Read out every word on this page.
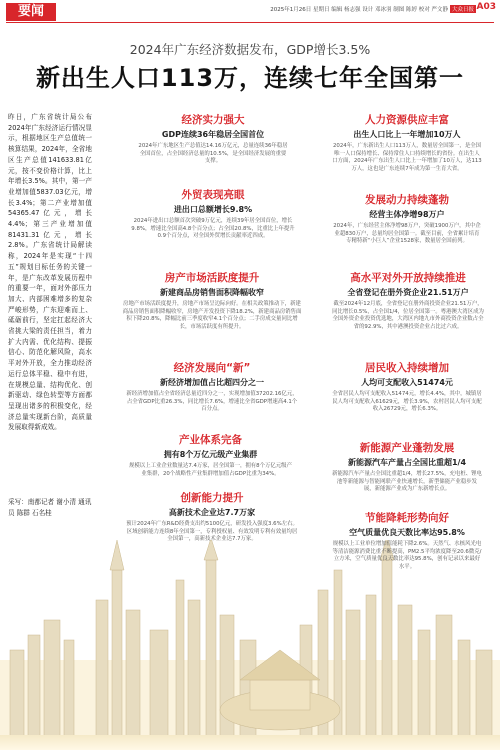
要闻	2025年1月26日 星期日 编辑 杨志强 设计 邓冰羽 制图 陈婷 校对 严文静 大众日报 A03
2024年广东经济数据发布，GDP增长3.5%
新出生人口113万，连续七年全国第一
昨日，广东省统计局公布2024年广东经济运行情况显示，根据地区生产总值统一核算结果，2024年，全省地区生产总值141633.81亿元，按不变价格计算，比上年增长3.5%。其中，第一产业增加值5837.03亿元，增长3.4%；第二产业增加值54365.47亿元，增长4.4%；第三产业增加值81431.31亿元，增长2.8%。广东省统计局解读称，2024年是实现“十四五”规划目标任务的关键一年，是广东改革发展历程中的重要一年，面对外部压力加大、内部困难增多的复杂严峻形势，广东迎难而上、砥砺前行，坚定扛起经济大省挑大梁的责任担当，着力扩大内需、优化结构、提振信心、防范化解风险，高水平对外开放，全力推动经济运行总体平稳、稳中有进，在规模总量、结构优化、创新驱动、绿色转型等方面都呈现出诸多的积极变化，经济总量实现新台阶，高质量发展取得新成效。
采写：南都记者 谢小清 通讯员 陈群 石名桂
经济实力强大
GDP连续36年稳居全国首位
2024年广东地区生产总值达14.16万亿元，总量连续36年稳居全国首位，占全国经济总量的10.5%，是全国经济发展的重要支撑。
外贸表现亮眼
进出口总额增长9.8%
2024年进出口总额首次突破9万亿元，连续39年居全国首位，增长9.8%，增速比全国高4.8个百分点；占全国20.8%，比重比上年提升0.9个百分点，对全国外贸增长贡献率近四成。
房产市场活跃度提升
新建商品房销售面积降幅收窄
房地产市场活跃度提升，房地产市场呈边际向好。在相关政策推动下，新建商品房销售面积降幅收窄，房地产开发投资下降18.2%，新建商品房销售面积下降20.8%，降幅比前三季度收窄4.1个百分点；二手房成交量同比增长，市场活跃度有所提升。
经济发展向“新”
新经济增加值占比超四分之一
新经济增加值占全省经济总量近四分之一，实现增加值37202.16亿元，占全省GDP比重26.3%，同比增长7.6%，增速比全省GDP增速高4.1个百分点。
产业体系完备
拥有8个万亿元级产业集群
规模以上工业企业数量达7.4万家，居全国第一，拥有8个万亿元级产业集群，20个战略性产业集群增加值占GDP比重为34%。
创新能力提升
高新技术企业达7.7万家
预计2024年广东R&D经费支出约5100亿元，研发投入强度3.6%左右。区域创新能力连续8年全国第一，专利授权量、有效发明专利有效量均居全国第一，高新技术企业达7.7万家。
人力资源供应丰富
出生人口比上一年增加10万人
2024年，广东新出生人口113万人，数量居全国第一，是全国唯一人口保持增长、保持常住人口持续增长的省份。在出生人口方面，2024年广东出生人口比上一年增加了10万人，达113万人，这也是广东连续7年成为第一生育大省。
发展动力持续蓬勃
经营主体净增98万户
2024年，广东经营主体净增98万户，突破1900万户，其中企业超830万户，总量均居全国第一。截至目前，全省累计培育专精特新“小巨人”企业1528家，数量居全国前列。
高水平对外开放持续推进
全省登记在册外资企业21.51万户
截至2024年12月底，全省登记在册外商投资企业21.51万户，同比增长0.5%，占全国1/4，位居全国第一。粤港澳大湾区成为全国外资企业投资优选地，大湾区内地九市外商投资企业数占全省的92.9%，其中港澳投资企业占比过六成。
居民收入持续增加
人均可支配收入51474元
全省居民人均可支配收入51474元，增长4.4%，其中，城镇居民人均可支配收入61629元，增长3.9%，农村居民人均可支配收入26729元，增长6.3%。
新能源产业蓬勃发展
新能源汽车产量占全国比重超1/4
新能源汽车产量占全国比重超1/4，增长27.5%，充电桩、锂电池等新能源与智能网联产业快速增长，新型储能产业稳步发展，新能源产业成为广东新增长点。
节能降耗形势向好
空气质量优良天数比率达95.8%
规模以上工业单位增加值能耗下降2.6%。天然气、水核风光电等清洁能源消费比重不断提高，PM2.5平均浓度降至20.6微克/立方米，空气质量优良天数比率达95.8%，创有记录以来最好水平。
